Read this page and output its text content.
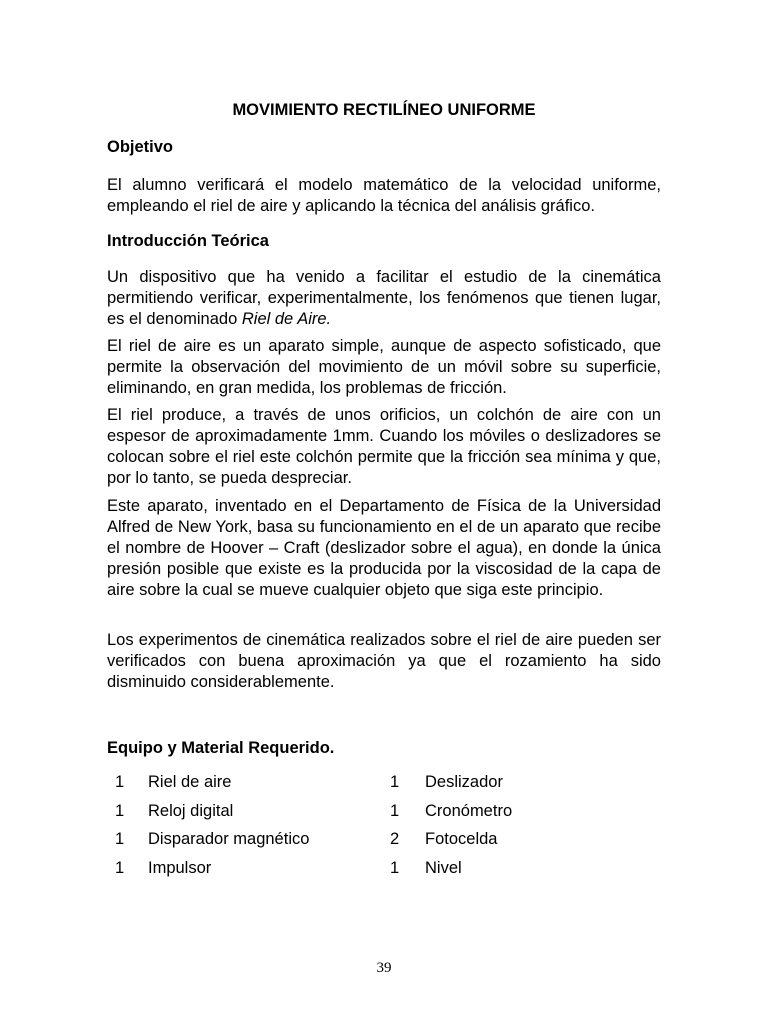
MOVIMIENTO RECTILÍNEO UNIFORME
Objetivo

El alumno verificará el modelo matemático de la velocidad uniforme, empleando el riel de aire y aplicando la técnica del análisis gráfico.

Introducción Teórica

Un dispositivo que ha venido a facilitar el estudio de la cinemática permitiendo verificar, experimentalmente, los fenómenos que tienen lugar, es el denominado Riel de Aire.

El riel de aire es un aparato simple, aunque de aspecto sofisticado, que permite la observación del movimiento de un móvil sobre su superficie, eliminando, en gran medida, los problemas de fricción.

El riel produce, a través de unos orificios, un colchón de aire con un espesor de aproximadamente 1mm. Cuando los móviles o deslizadores se colocan sobre el riel este colchón permite que la fricción sea mínima y que, por lo tanto, se pueda despreciar.

Este aparato, inventado en el Departamento de Física de la Universidad Alfred de New York, basa su funcionamiento en el de un aparato que recibe el nombre de Hoover – Craft (deslizador sobre el agua), en donde la única presión posible que existe es la producida por la viscosidad de la capa de aire sobre la cual se mueve cualquier objeto que siga este principio.

Los experimentos de cinemática realizados sobre el riel de aire pueden ser verificados con buena aproximación ya que el rozamiento ha sido disminuido considerablemente.

Equipo y Material Requerido.
1 Riel de aire	1 Deslizador
1 Reloj digital	1 Cronómetro
1 Disparador magnético	2 Fotocelda
1 Impulsor	1 Nivel
39
